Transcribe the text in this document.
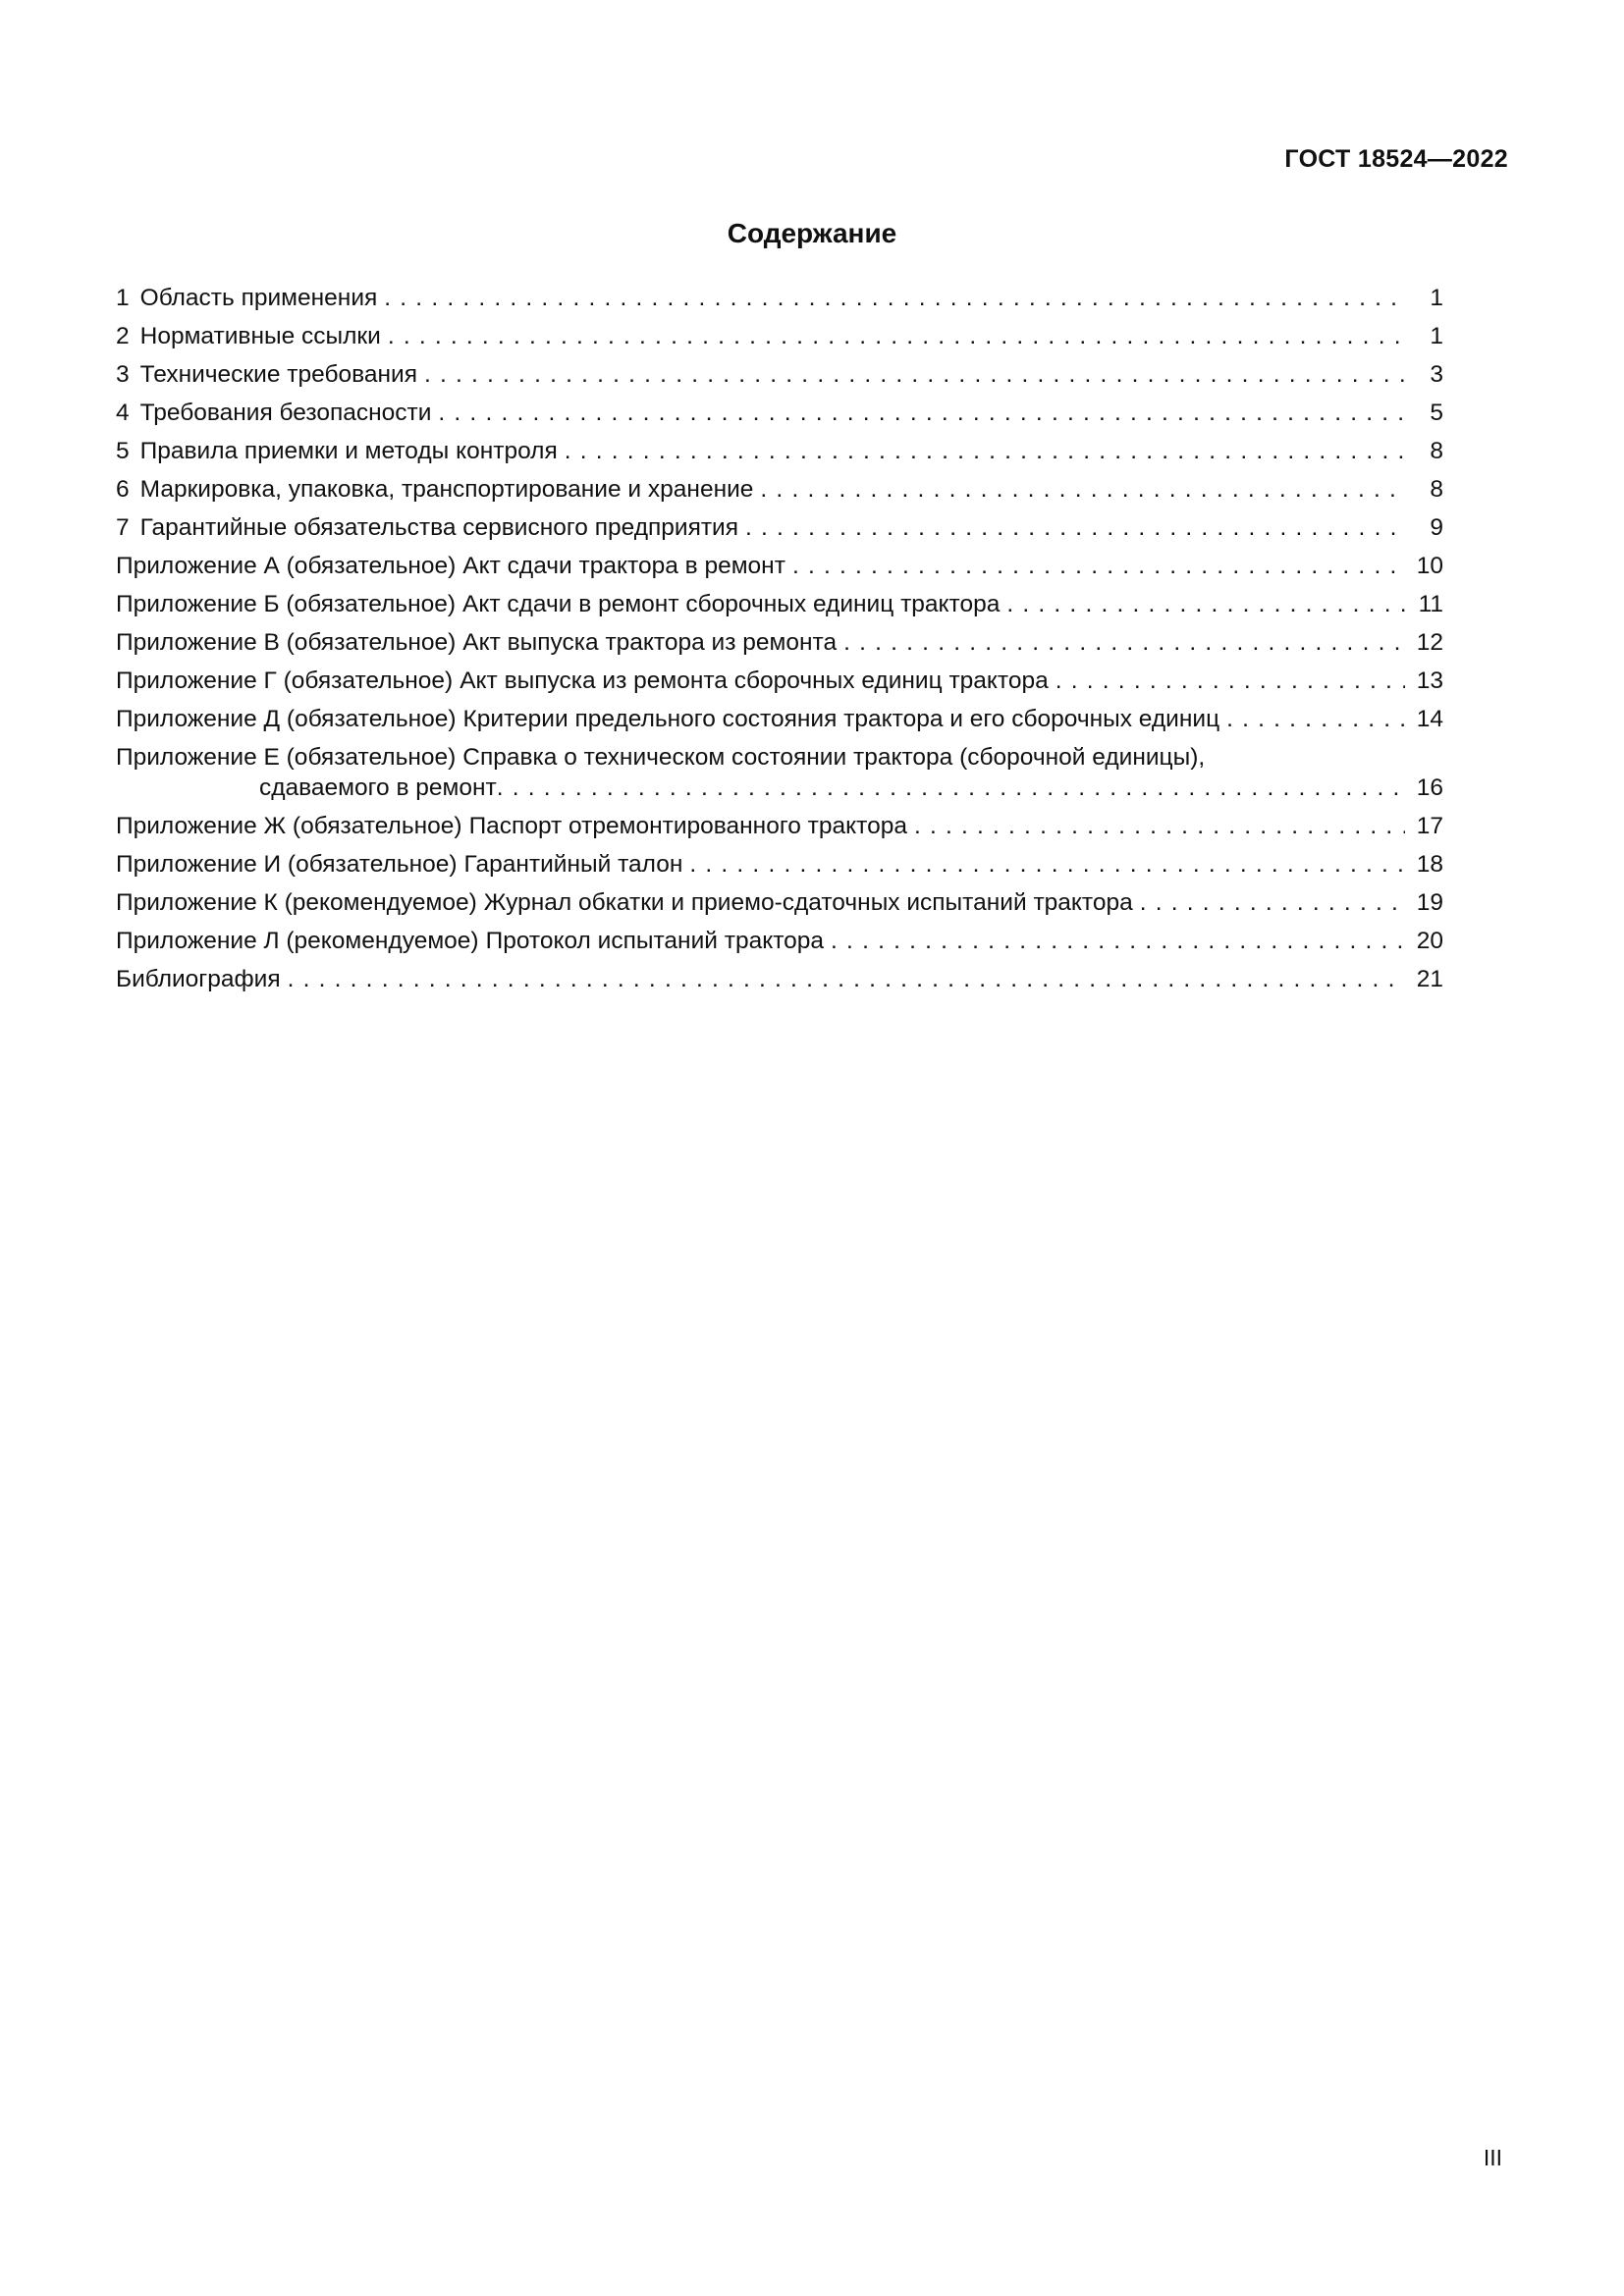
ГОСТ 18524—2022
Содержание
1 Область применения . . .	1
2 Нормативные ссылки . . .	1
3 Технические требования . . .	3
4 Требования безопасности . . .	5
5 Правила приемки и методы контроля . . .	8
6 Маркировка, упаковка, транспортирование и хранение . . .	8
7 Гарантийные обязательства сервисного предприятия . . .	9
Приложение А (обязательное) Акт сдачи трактора в ремонт . . .	10
Приложение Б (обязательное) Акт сдачи в ремонт сборочных единиц трактора . . .	11
Приложение В (обязательное) Акт выпуска трактора из ремонта . . .	12
Приложение Г (обязательное) Акт выпуска из ремонта сборочных единиц трактора . . .	13
Приложение Д (обязательное) Критерии предельного состояния трактора и его сборочных единиц . . .	14
Приложение Е (обязательное) Справка о техническом состоянии трактора (сборочной единицы),
сдаваемого в ремонт . . .	16
Приложение Ж (обязательное) Паспорт отремонтированного трактора . . .	17
Приложение И (обязательное) Гарантийный талон . . .	18
Приложение К (рекомендуемое) Журнал обкатки и приемо-сдаточных испытаний трактора . . .	19
Приложение Л (рекомендуемое) Протокол испытаний трактора . . .	20
Библиография . . .	21
III
